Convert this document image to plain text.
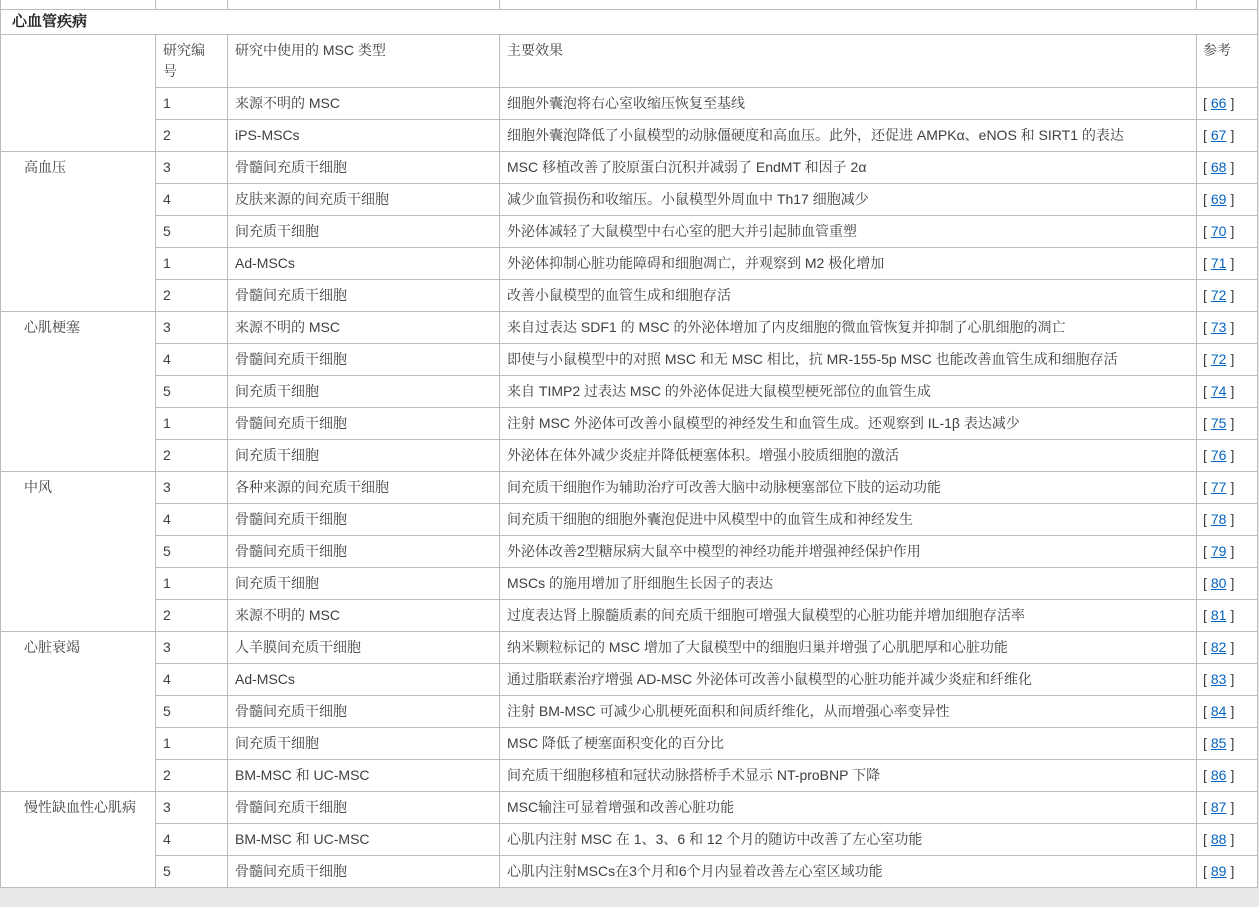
心血管疾病				
	研究编号	研究中使用的 MSC 类型	主要效果	参考
	1	来源不明的 MSC	细胞外囊泡将右心室收缩压恢复至基线	[ 66 ]
	2	iPS-MSCs	细胞外囊泡降低了小鼠模型的动脉僵硬度和高血压。此外，还促进 AMPKα、eNOS 和 SIRT1 的表达	[ 67 ]
高血压	3	骨髓间充质干细胞	MSC 移植改善了胶原蛋白沉积并减弱了 EndMT 和因子 2α	[ 68 ]
	4	皮肤来源的间充质干细胞	减少血管损伤和收缩压。小鼠模型外周血中 Th17 细胞减少	[ 69 ]
	5	间充质干细胞	外泌体减轻了大鼠模型中右心室的肥大并引起肺血管重塑	[ 70 ]
	1	Ad-MSCs	外泌体抑制心脏功能障碍和细胞凋亡，并观察到 M2 极化增加	[ 71 ]
	2	骨髓间充质干细胞	改善小鼠模型的血管生成和细胞存活	[ 72 ]
心肌梗塞	3	来源不明的 MSC	来自过表达 SDF1 的 MSC 的外泌体增加了内皮细胞的微血管恢复并抑制了心肌细胞的凋亡	[ 73 ]
	4	骨髓间充质干细胞	即使与小鼠模型中的对照 MSC 和无 MSC 相比，抗 MR-155-5p MSC 也能改善血管生成和细胞存活	[ 72 ]
	5	间充质干细胞	来自 TIMP2 过表达 MSC 的外泌体促进大鼠模型梗死部位的血管生成	[ 74 ]
	1	骨髓间充质干细胞	注射 MSC 外泌体可改善小鼠模型的神经发生和血管生成。还观察到 IL-1β 表达减少	[ 75 ]
	2	间充质干细胞	外泌体在体外减少炎症并降低梗塞体积。增强小胶质细胞的激活	[ 76 ]
中风	3	各种来源的间充质干细胞	间充质干细胞作为辅助治疗可改善大脑中动脉梗塞部位下肢的运动功能	[ 77 ]
	4	骨髓间充质干细胞	间充质干细胞的细胞外囊泡促进中风模型中的血管生成和神经发生	[ 78 ]
	5	骨髓间充质干细胞	外泌体改善2型糖尿病大鼠卒中模型的神经功能并增强神经保护作用	[ 79 ]
	1	间充质干细胞	MSCs 的施用增加了肝细胞生长因子的表达	[ 80 ]
	2	来源不明的 MSC	过度表达肾上腺髓质素的间充质干细胞可增强大鼠模型的心脏功能并增加细胞存活率	[ 81 ]
心脏衰竭	3	人羊膜间充质干细胞	纳米颗粒标记的 MSC 增加了大鼠模型中的细胞归巢并增强了心肌肥厚和心脏功能	[ 82 ]
	4	Ad-MSCs	通过脂联素治疗增强 AD-MSC 外泌体可改善小鼠模型的心脏功能并减少炎症和纤维化	[ 83 ]
	5	骨髓间充质干细胞	注射 BM-MSC 可减少心肌梗死面积和间质纤维化，从而增强心率变异性	[ 84 ]
	1	间充质干细胞	MSC 降低了梗塞面积变化的百分比	[ 85 ]
	2	BM-MSC 和 UC-MSC	间充质干细胞移植和冠状动脉搭桥手术显示 NT-proBNP 下降	[ 86 ]
慢性缺血性心肌病	3	骨髓间充质干细胞	MSC输注可显着增强和改善心脏功能	[ 87 ]
	4	BM-MSC 和 UC-MSC	心肌内注射 MSC 在 1、3、6 和 12 个月的随访中改善了左心室功能	[ 88 ]
	5	骨髓间充质干细胞	心肌内注射MSCs在3个月和6个月内显着改善左心室区域功能	[ 89 ]
